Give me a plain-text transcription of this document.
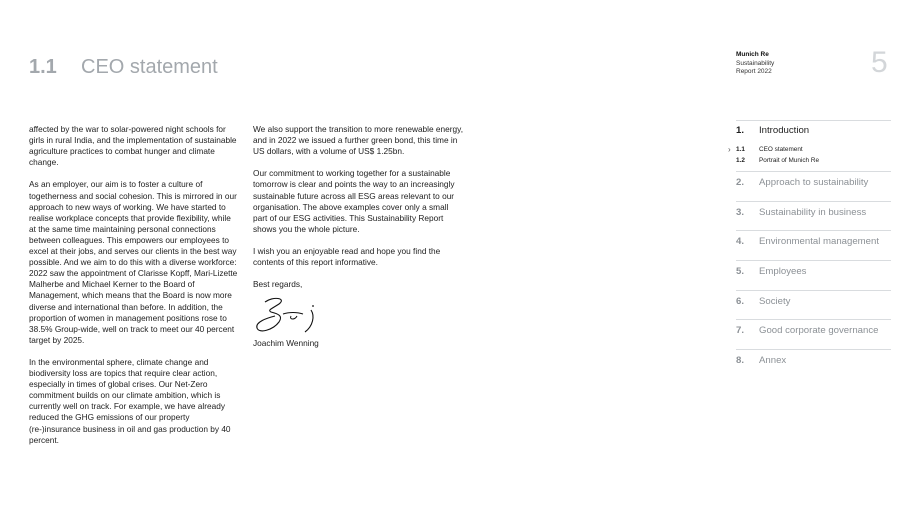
1.1	CEO statement
Munich Re
Sustainability
Report 2022	5

affected by the war to solar-powered night schools for girls in rural India, and the implementation of sustainable agriculture practices to combat hunger and climate change.

As an employer, our aim is to foster a culture of togetherness and social cohesion. This is mirrored in our approach to new ways of working. We have started to realise workplace concepts that provide flexibility, while at the same time maintaining personal connections between colleagues. This empowers our employees to excel at their jobs, and serves our clients in the best way possible. And we aim to do this with a diverse workforce: 2022 saw the appointment of Clarisse Kopff, Mari-Lizette Malherbe and Michael Kerner to the Board of Management, which means that the Board is now more diverse and international than before. In addition, the proportion of women in management positions rose to 38.5% Group-wide, well on track to meet our 40 percent target by 2025.

In the environmental sphere, climate change and biodiversity loss are topics that require clear action, especially in times of global crises. Our Net-Zero commitment builds on our climate ambition, which is currently well on track. For example, we have already reduced the GHG emissions of our property (re-)insurance business in oil and gas production by 40 percent.

We also support the transition to more renewable energy, and in 2022 we issued a further green bond, this time in US dollars, with a volume of US$ 1.25bn.

Our commitment to working together for a sustainable tomorrow is clear and points the way to an increasingly sustainable future across all ESG areas relevant to our organisation. The above examples cover only a small part of our ESG activities. This Sustainability Report shows you the whole picture.

I wish you an enjoyable read and hope you find the contents of this report informative.

Best regards,

Joachim Wenning
1.	Introduction
› 1.1	CEO statement
1.2	Portrait of Munich Re
2.	Approach to sustainability
3.	Sustainability in business
4.	Environmental management
5.	Employees
6.	Society
7.	Good corporate governance
8.	Annex
